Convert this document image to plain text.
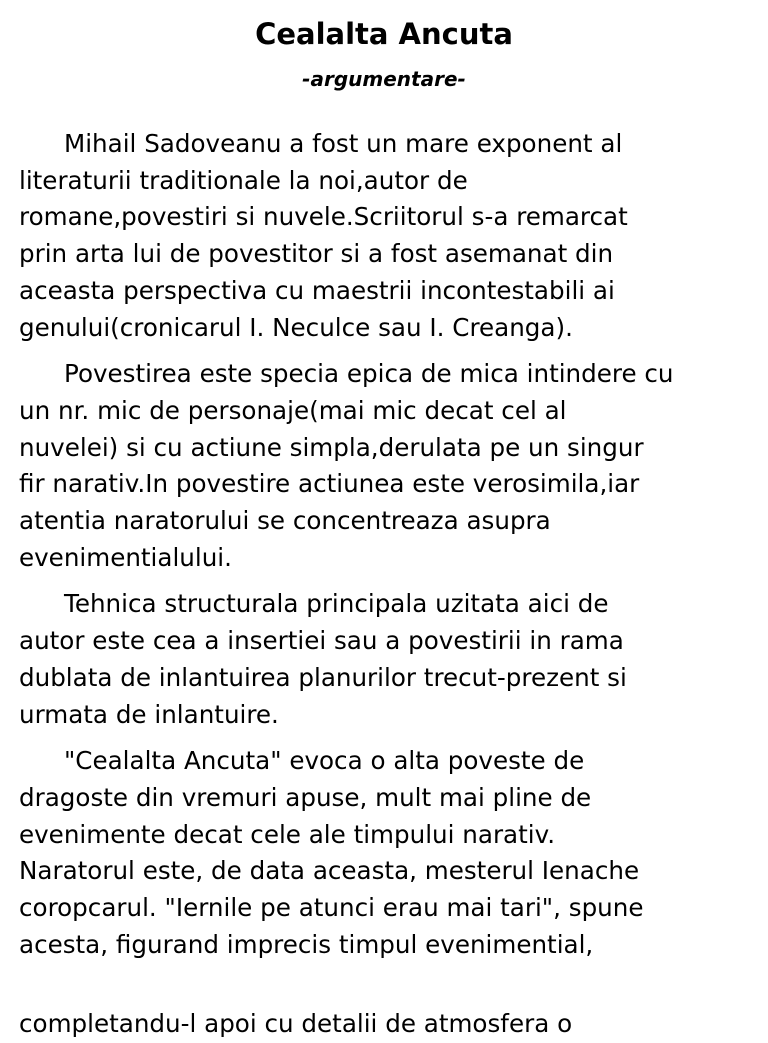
Cealalta Ancuta
-argumentare-

Mihail Sadoveanu a fost un mare exponent al
literaturii traditionale la noi,autor de
romane,povestiri si nuvele.Scriitorul s-a remarcat
prin arta lui de povestitor si a fost asemanat din
aceasta perspectiva cu maestrii incontestabili ai
genului(cronicarul I. Neculce sau I. Creanga).

Povestirea este specia epica de mica intindere cu
un nr. mic de personaje(mai mic decat cel al
nuvelei) si cu actiune simpla,derulata pe un singur
fir narativ.In povestire actiunea este verosimila,iar
atentia naratorului se concentreaza asupra
evenimentialului.

Tehnica structurala principala uzitata aici de
autor este cea a insertiei sau a povestirii in rama
dublata de inlantuirea planurilor trecut-prezent si
urmata de inlantuire.

"Cealalta Ancuta" evoca o alta poveste de
dragoste din vremuri apuse, mult mai pline de
evenimente decat cele ale timpului narativ.
Naratorul este, de data aceasta, mesterul Ienache
coropcarul. "Iernile pe atunci erau mai tari", spune
acesta, figurand imprecis timpul evenimential,

completandu-l apoi cu detalii de atmosfera o
